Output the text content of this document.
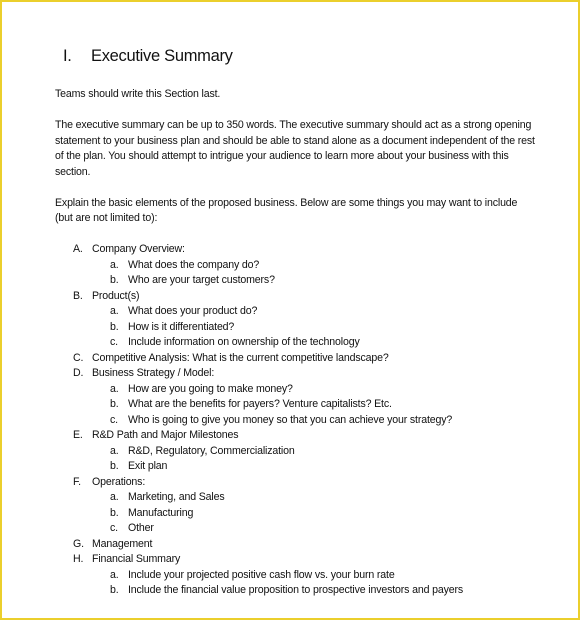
I.	Executive Summary

Teams should write this Section last.

The executive summary can be up to 350 words. The executive summary should act as a strong opening statement to your business plan and should be able to stand alone as a document independent of the rest of the plan. You should attempt to intrigue your audience to learn more about your business with this section.

Explain the basic elements of the proposed business. Below are some things you may want to include (but are not limited to):

A. Company Overview:
a. What does the company do?
b. Who are your target customers?
B. Product(s)
a. What does your product do?
b. How is it differentiated?
c. Include information on ownership of the technology
C. Competitive Analysis: What is the current competitive landscape?
D. Business Strategy / Model:
a. How are you going to make money?
b. What are the benefits for payers? Venture capitalists? Etc.
c. Who is going to give you money so that you can achieve your strategy?
E. R&D Path and Major Milestones
a. R&D, Regulatory, Commercialization
b. Exit plan
F. Operations:
a. Marketing, and Sales
b. Manufacturing
c. Other
G. Management
H. Financial Summary
a. Include your projected positive cash flow vs. your burn rate
b. Include the financial value proposition to prospective investors and payers
